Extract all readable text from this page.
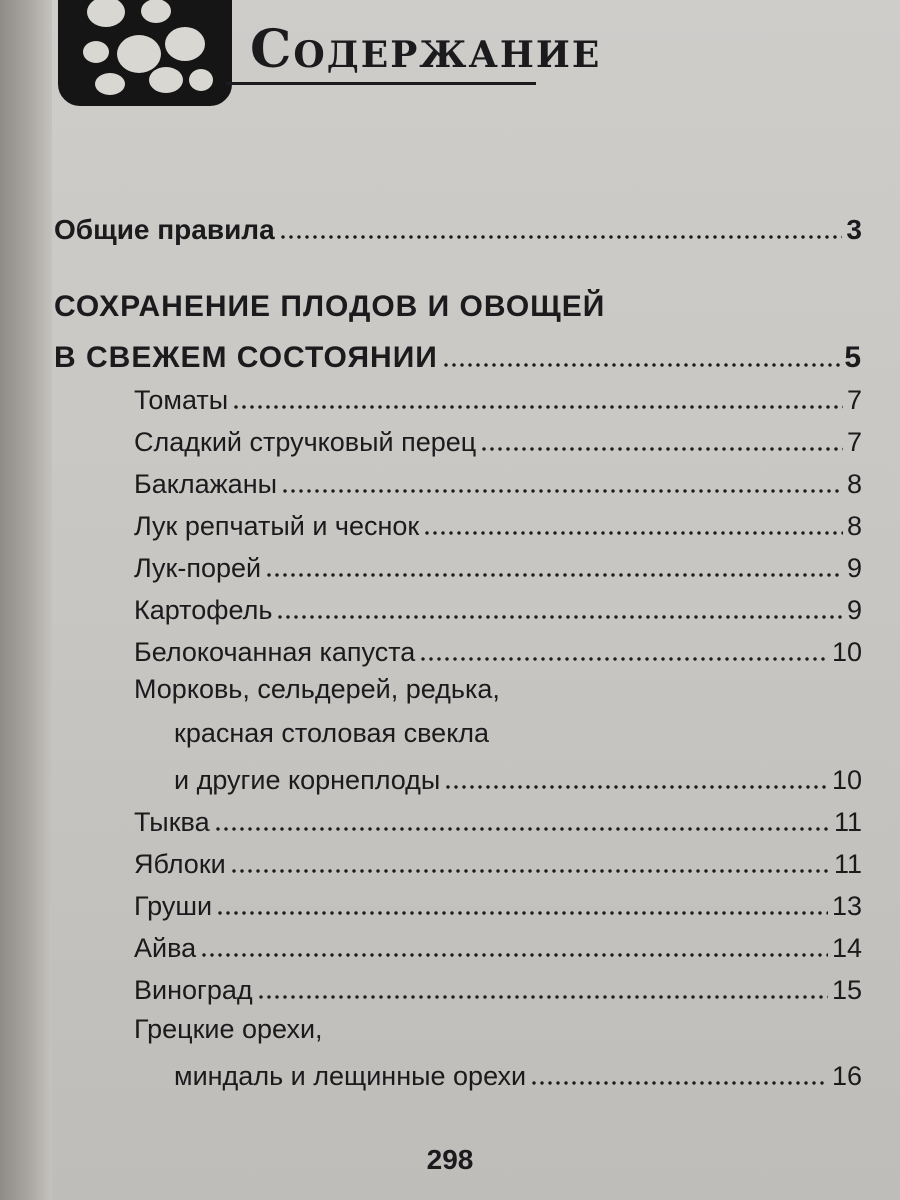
СОДЕРЖАНИЕ
Общие правила	3
СОХРАНЕНИЕ ПЛОДОВ И ОВОЩЕЙ
В СВЕЖЕМ СОСТОЯНИИ	5
Томаты	7
Сладкий стручковый перец	7
Баклажаны	8
Лук репчатый и чеснок	8
Лук-порей	9
Картофель	9
Белокочанная капуста	10
Морковь, сельдерей, редька,
красная столовая свекла
и другие корнеплоды	10
Тыква	11
Яблоки	11
Груши	13
Айва	14
Виноград	15
Грецкие орехи,
миндаль и лещинные орехи	16
298
